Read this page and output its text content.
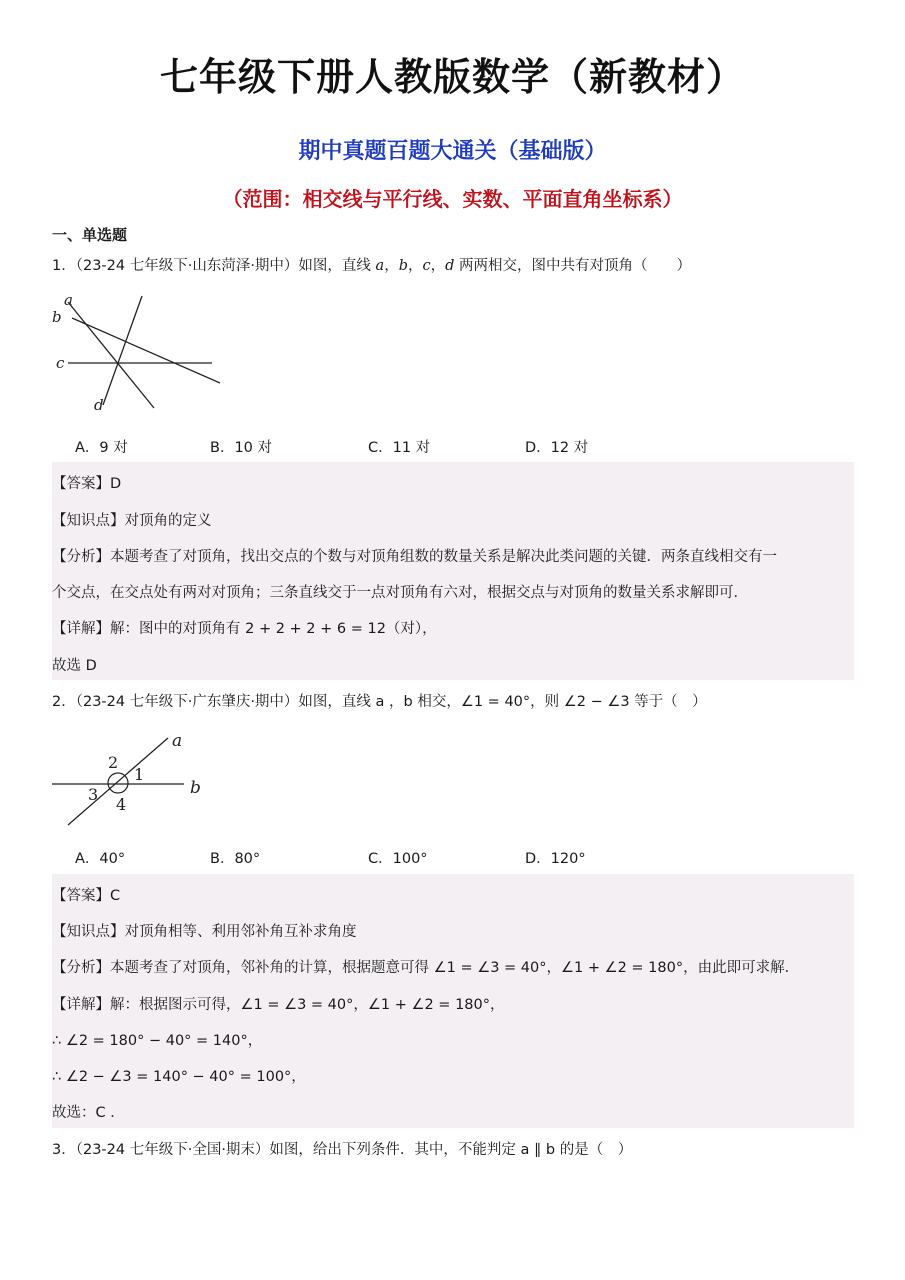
七年级下册人教版数学（新教材）
期中真题百题大通关（基础版）
（范围：相交线与平行线、实数、平面直角坐标系）
一、单选题
1．（23-24 七年级下·山东菏泽·期中）如图，直线 a，b，c，d 两两相交，图中共有对顶角（　　）
a
b
c
d
A．9 对	B．10 对	C．11 对	D．12 对
【答案】D
【知识点】对顶角的定义
【分析】本题考查了对顶角，找出交点的个数与对顶角组数的数量关系是解决此类问题的关键．两条直线相交有一
个交点，在交点处有两对对顶角；三条直线交于一点对顶角有六对，根据交点与对顶角的数量关系求解即可．
【详解】解：图中的对顶角有 2 + 2 + 2 + 6 = 12（对），
故选 D
2．（23-24 七年级下·广东肇庆·期中）如图，直线 a ，b 相交，∠1 = 40°，则 ∠2 − ∠3 等于（　）
a
b
1
2
3
4
A．40°	B．80°	C．100°	D．120°
【答案】C
【知识点】对顶角相等、利用邻补角互补求角度
【分析】本题考查了对顶角，邻补角的计算，根据题意可得 ∠1 = ∠3 = 40°，∠1 + ∠2 = 180°，由此即可求解．
【详解】解：根据图示可得，∠1 = ∠3 = 40°，∠1 + ∠2 = 180°，
∴ ∠2 = 180° − 40° = 140°，
∴ ∠2 − ∠3 = 140° − 40° = 100°，
故选：C ．
3．（23-24 七年级下·全国·期末）如图，给出下列条件．其中，不能判定 a ∥ b 的是（　）
